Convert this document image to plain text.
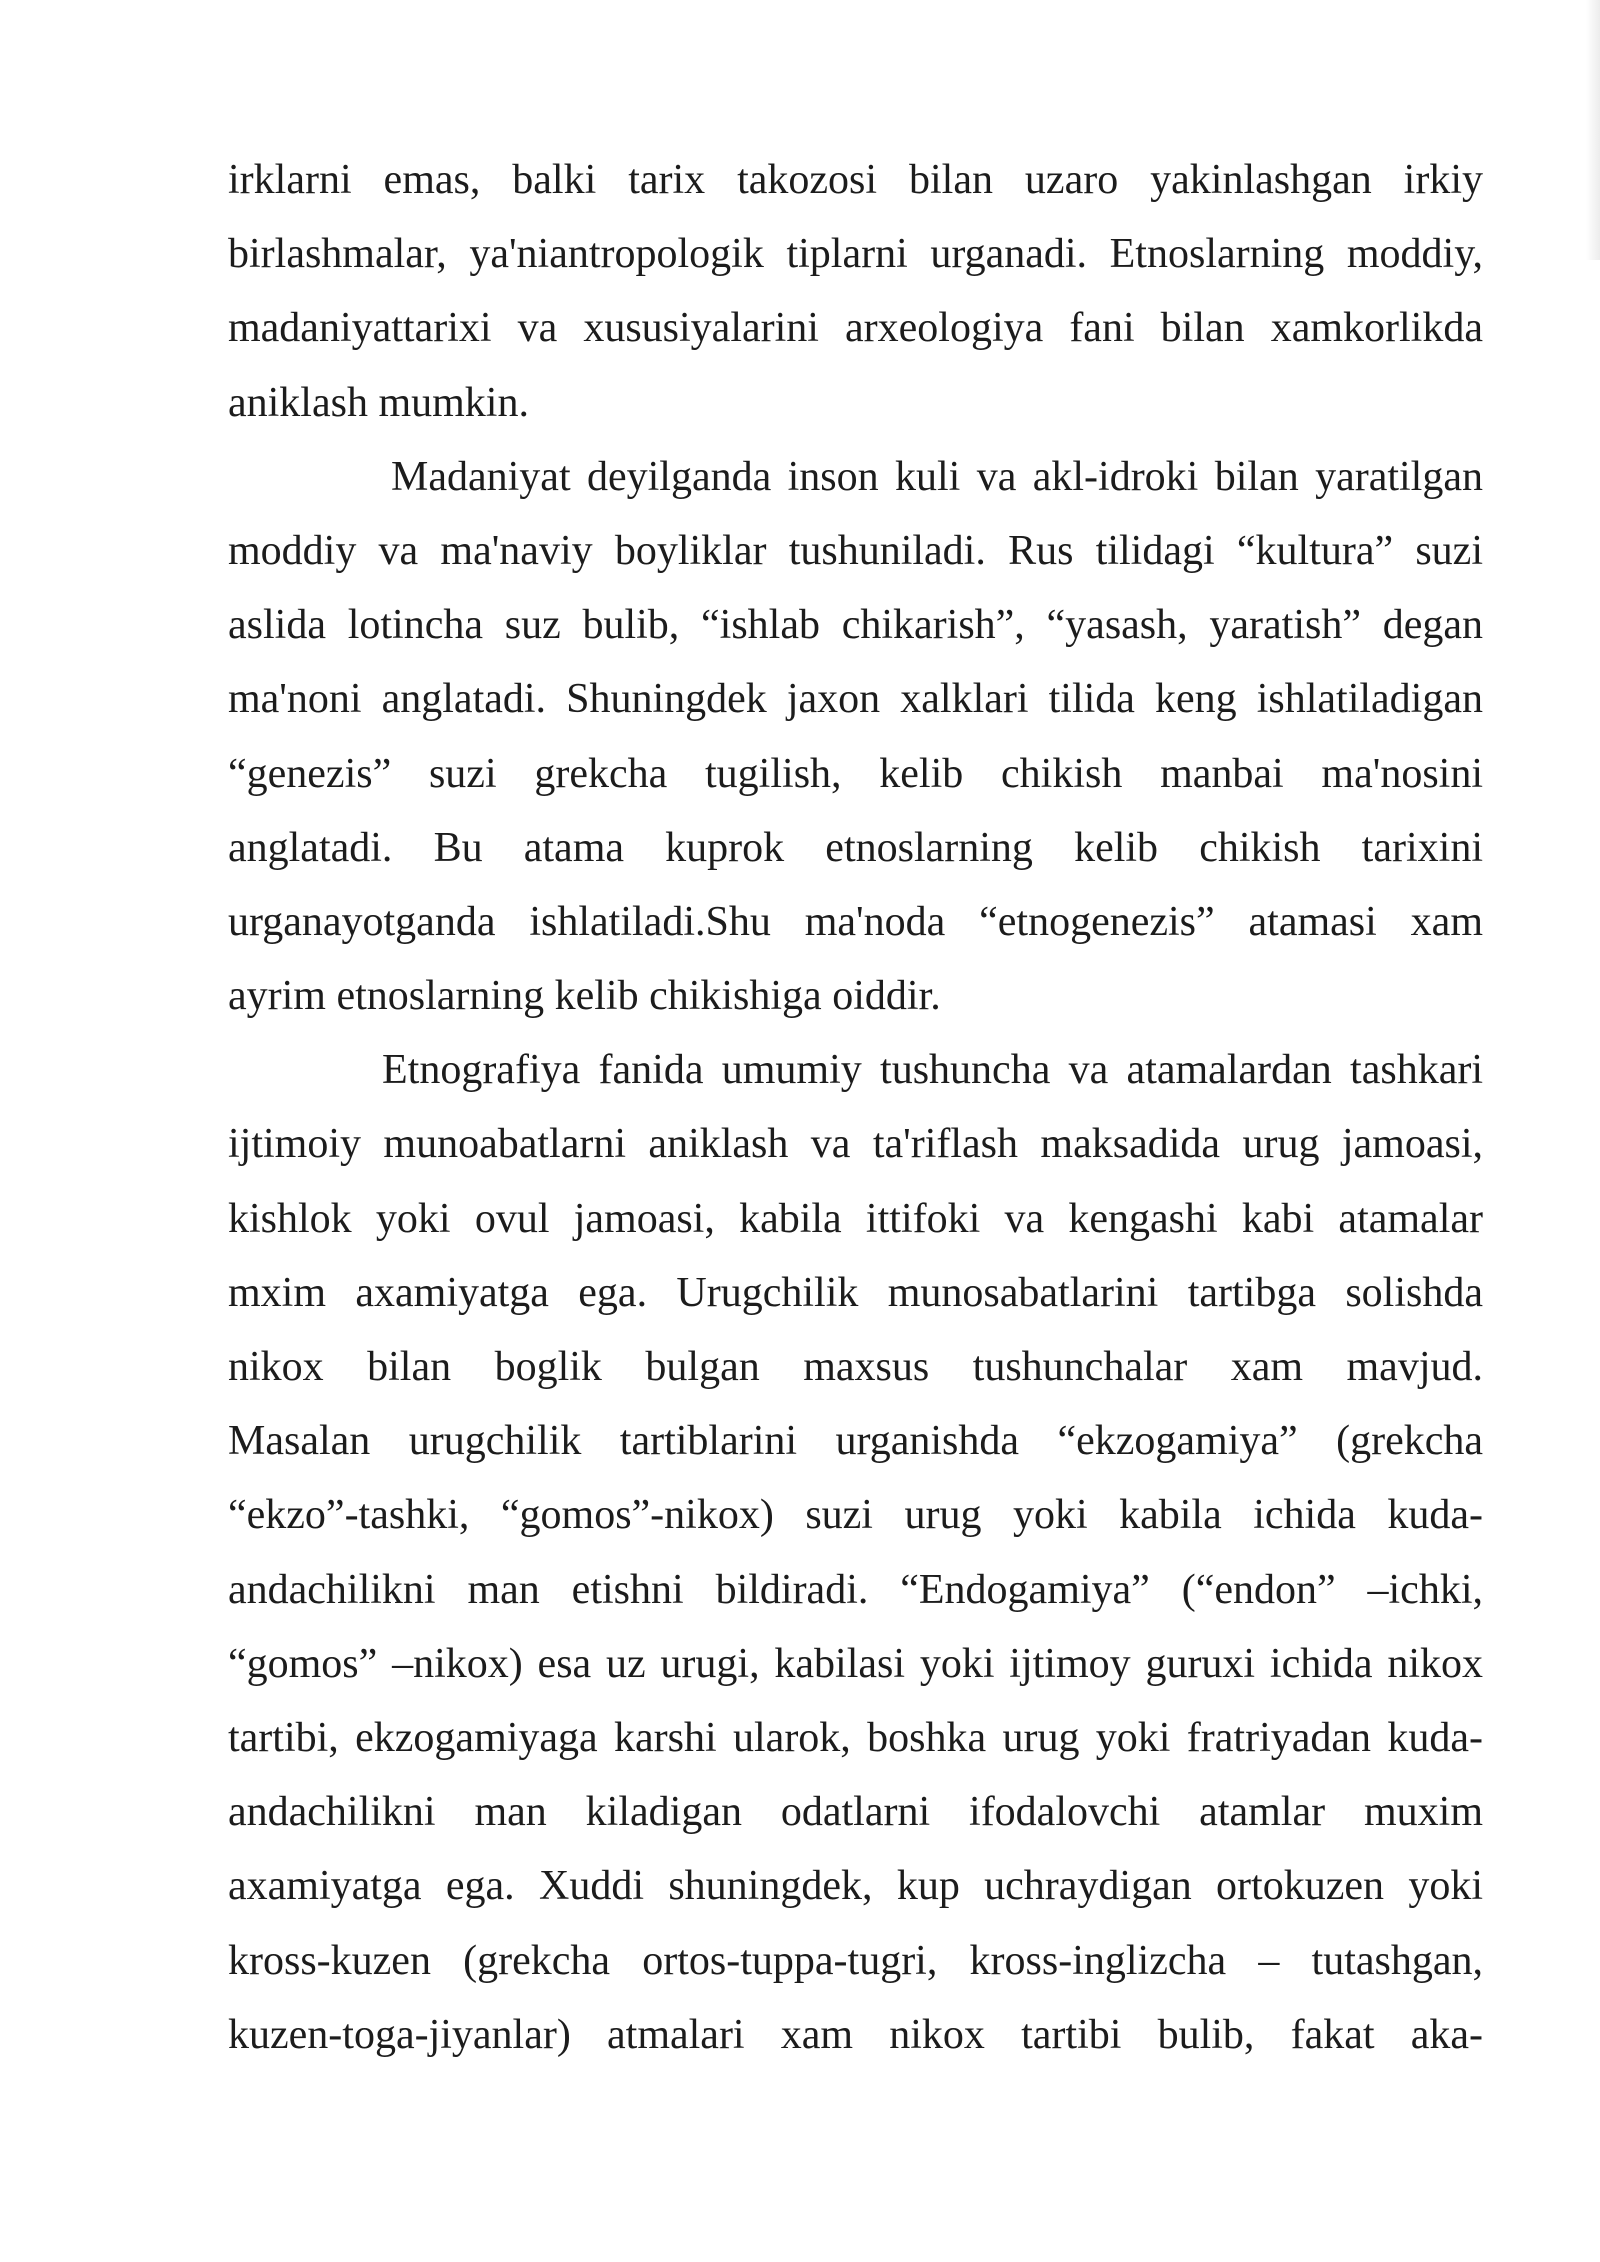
irklarni emas, balki tarix takozosi bilan uzaro yakinlashgan irkiy
birlashmalar, ya'niantropologik tiplarni urganadi. Etnoslarning moddiy,
madaniyattarixi va xususiyalarini arxeologiya fani bilan xamkorlikda
aniklash mumkin.
Madaniyat deyilganda inson kuli va akl-idroki bilan yaratilgan
moddiy va ma'naviy boyliklar tushuniladi. Rus tilidagi “kultura” suzi
aslida lotincha suz bulib, “ishlab chikarish”, “yasash, yaratish” degan
ma'noni anglatadi. Shuningdek jaxon xalklari tilida keng ishlatiladigan
“genezis” suzi grekcha tugilish, kelib chikish manbai ma'nosini
anglatadi. Bu atama kuprok etnoslarning kelib chikish tarixini
urganayotganda ishlatiladi.Shu ma'noda “etnogenezis” atamasi xam
ayrim etnoslarning kelib chikishiga oiddir.
Etnografiya fanida umumiy tushuncha va atamalardan tashkari
ijtimoiy munoabatlarni aniklash va ta'riflash maksadida urug jamoasi,
kishlok yoki ovul jamoasi, kabila ittifoki va kengashi kabi atamalar
mxim axamiyatga ega. Urugchilik munosabatlarini tartibga solishda
nikox bilan boglik bulgan maxsus tushunchalar xam mavjud.
Masalan urugchilik tartiblarini urganishda “ekzogamiya” (grekcha
“ekzo”-tashki, “gomos”-nikox) suzi urug yoki kabila ichida kuda-
andachilikni man etishni bildiradi. “Endogamiya” (“endon” –ichki,
“gomos” –nikox) esa uz urugi, kabilasi yoki ijtimoy guruxi ichida nikox
tartibi, ekzogamiyaga karshi ularok, boshka urug yoki fratriyadan kuda-
andachilikni man kiladigan odatlarni ifodalovchi atamlar muxim
axamiyatga ega. Xuddi shuningdek, kup uchraydigan ortokuzen yoki
kross-kuzen (grekcha ortos-tuppa-tugri, kross-inglizcha – tutashgan,
kuzen-toga-jiyanlar) atmalari xam nikox tartibi bulib, fakat aka-
